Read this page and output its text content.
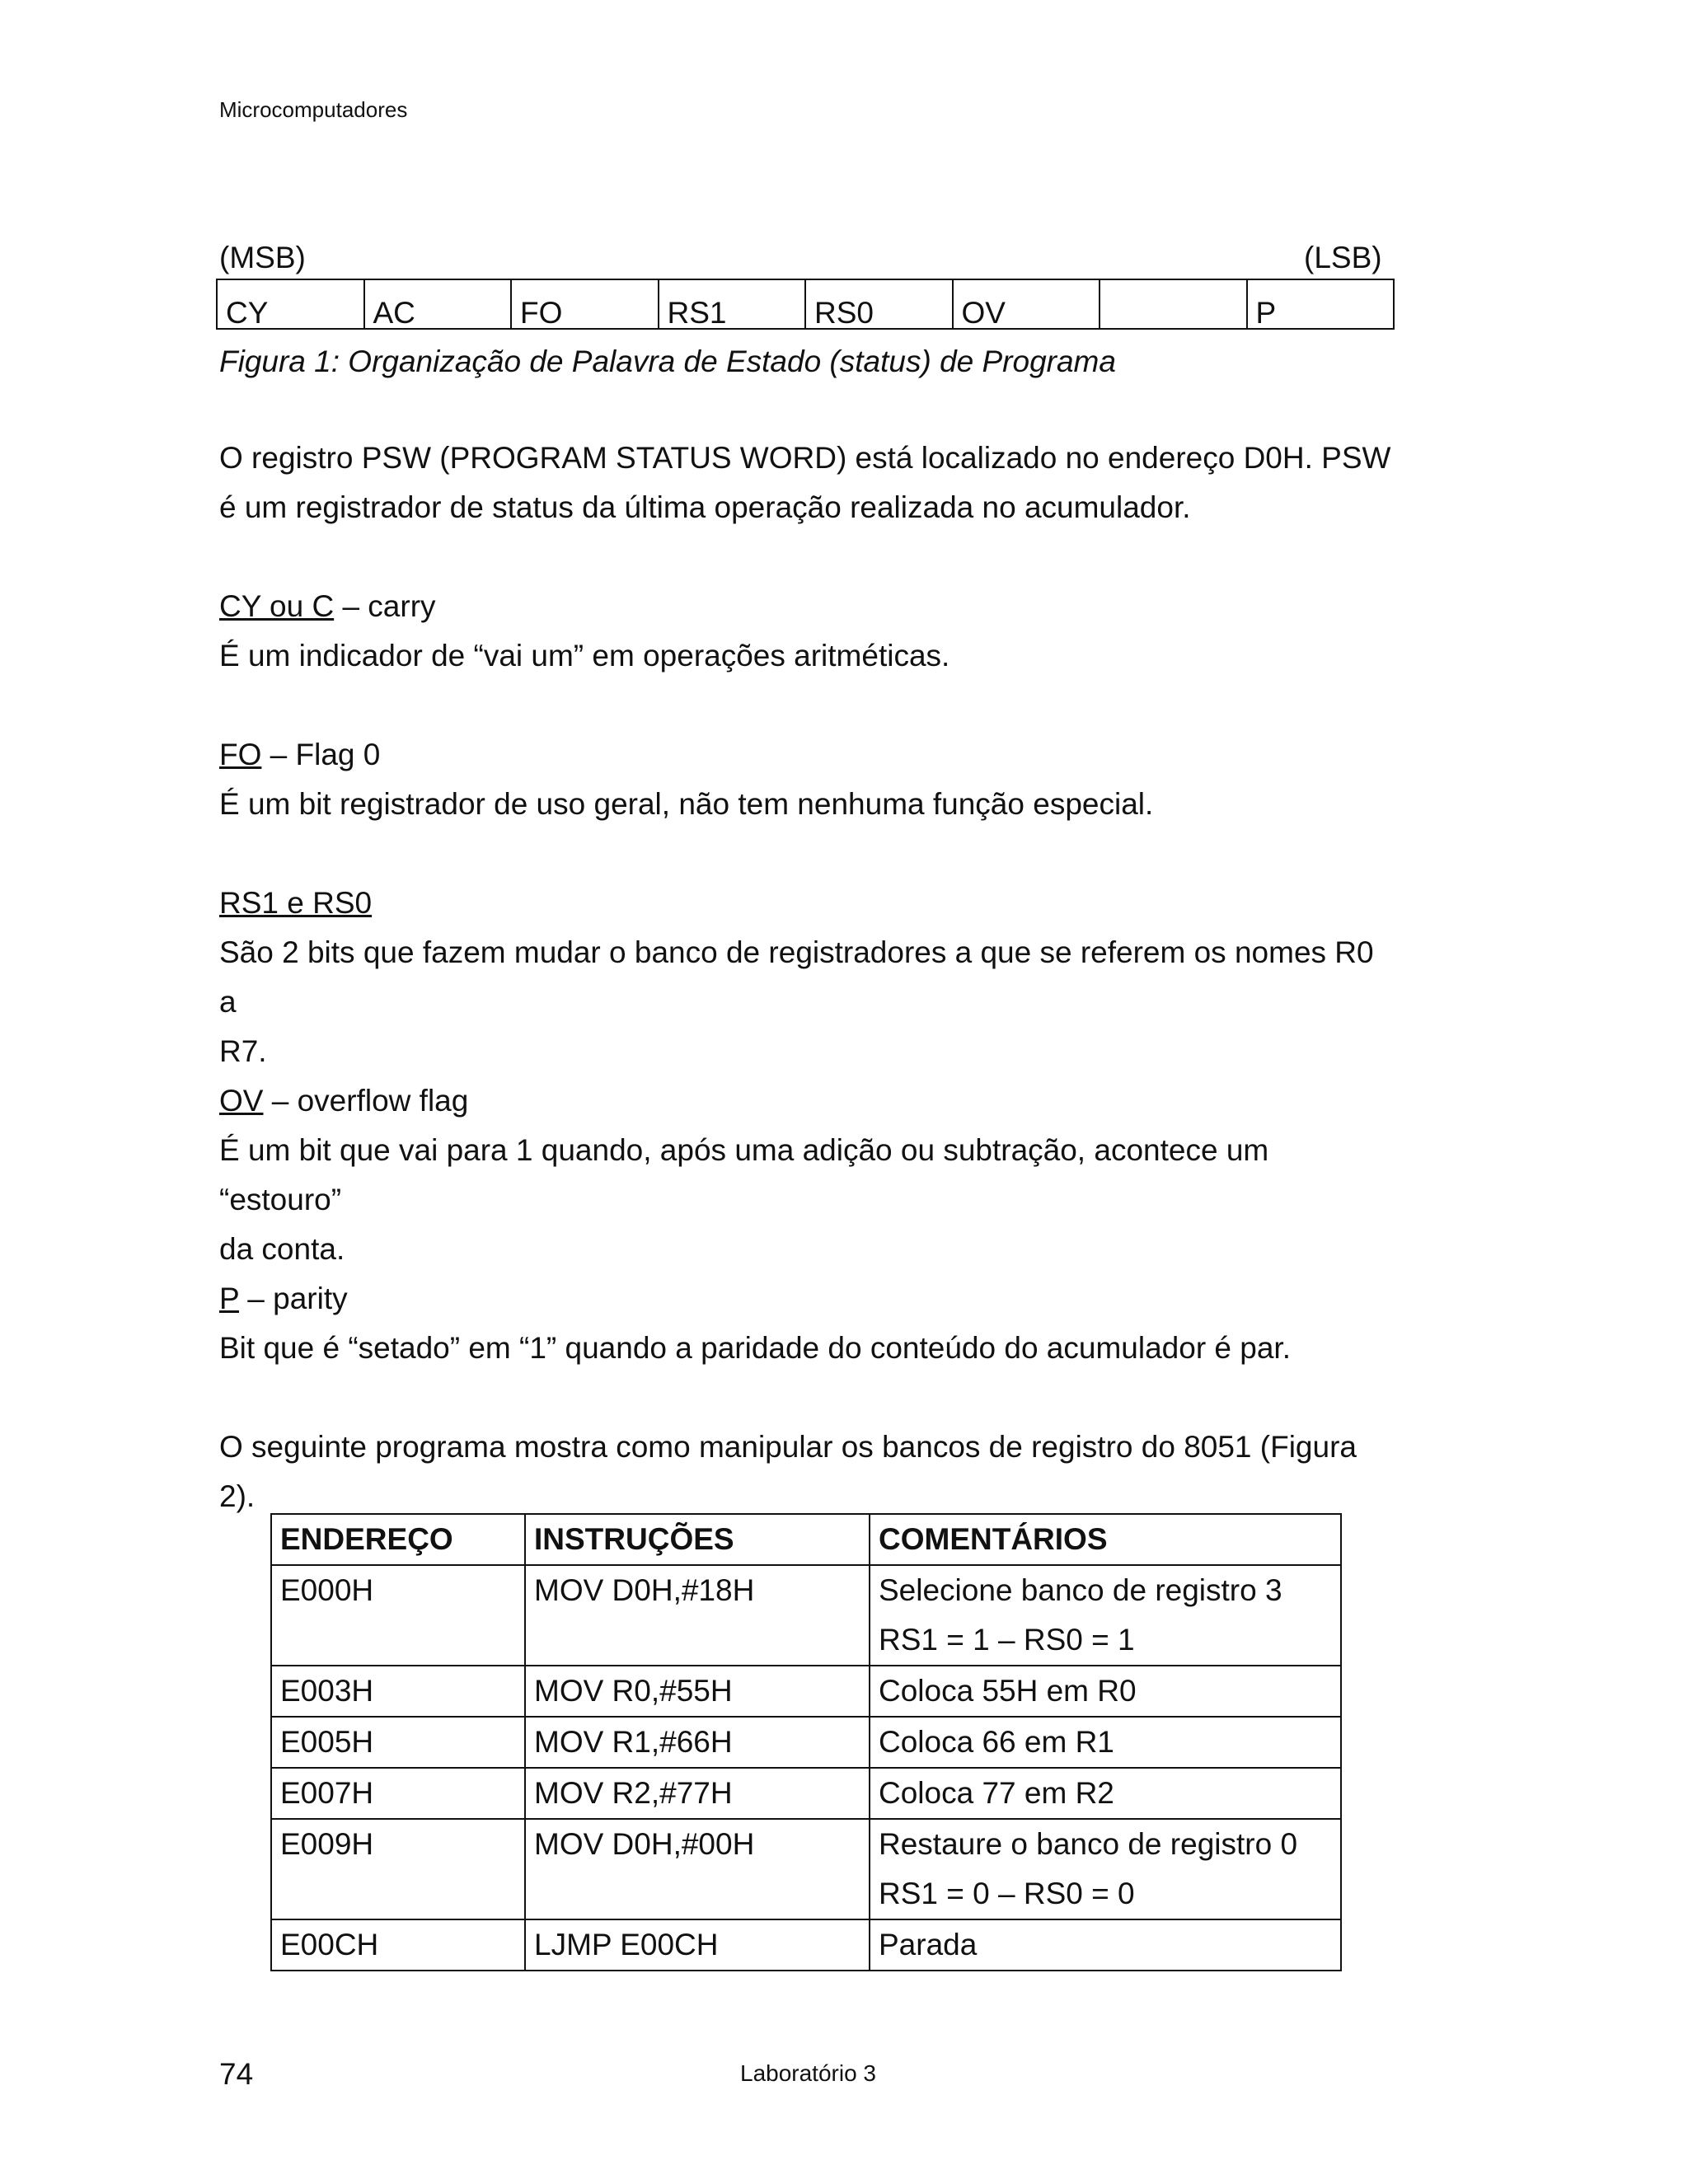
Microcomputadores
(MSB)	(LSB)
CY	AC	FO	RS1	RS0	OV		P
Figura 1: Organização de Palavra de Estado (status) de Programa
O registro PSW (PROGRAM STATUS WORD) está localizado no endereço D0H. PSW
é um registrador de status da última operação realizada no acumulador.
CY ou C – carry
É um indicador de “vai um” em operações aritméticas.
FO – Flag 0
É um bit registrador de uso geral, não tem nenhuma função especial.
RS1 e RS0
São 2 bits que fazem mudar o banco de registradores a que se referem os nomes R0 a
R7.
OV – overflow flag
É um bit que vai para 1 quando, após uma adição ou subtração, acontece um “estouro”
da conta.
P – parity
Bit que é “setado” em “1” quando a paridade do conteúdo do acumulador é par.
O seguinte programa mostra como manipular os bancos de registro do 8051 (Figura 2).
ENDEREÇO	INSTRUÇÕES	COMENTÁRIOS
E000H	MOV D0H,#18H	Selecione banco de registro 3
RS1 = 1 – RS0 = 1

E003H	MOV R0,#55H	Coloca 55H em R0
E005H	MOV R1,#66H	Coloca 66 em R1
E007H	MOV R2,#77H	Coloca 77 em R2
E009H	MOV D0H,#00H	Restaure o banco de registro 0
RS1 = 0 – RS0 = 0

E00CH	LJMP E00CH	Parada
74	Laboratório 3
